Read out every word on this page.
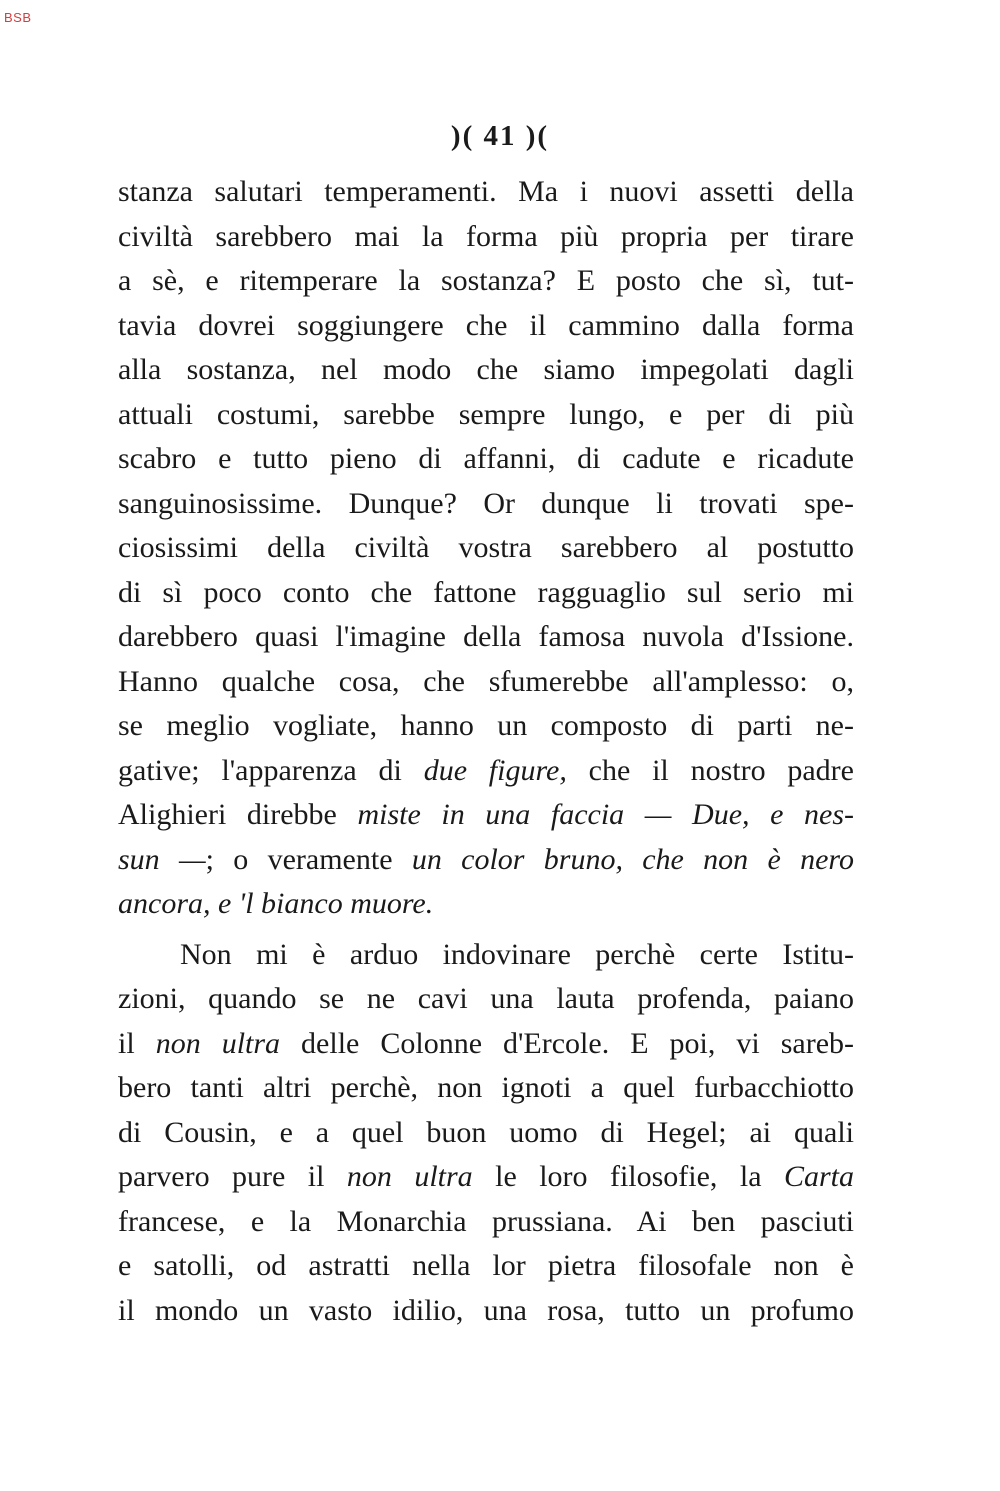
BSB
)( 41 )(
stanza salutari temperamenti. Ma i nuovi assetti della
civiltà sarebbero mai la forma più propria per tirare
a sè, e ritemperare la sostanza? E posto che sì, tut-
tavia dovrei soggiungere che il cammino dalla forma
alla sostanza, nel modo che siamo impegolati dagli
attuali costumi, sarebbe sempre lungo, e per di più
scabro e tutto pieno di affanni, di cadute e ricadute
sanguinosissime. Dunque? Or dunque li trovati spe-
ciosissimi della civiltà vostra sarebbero al postutto
di sì poco conto che fattone ragguaglio sul serio mi
darebbero quasi l'imagine della famosa nuvola d'Issione.
Hanno qualche cosa, che sfumerebbe all'amplesso: o,
se meglio vogliate, hanno un composto di parti ne-
gative; l'apparenza di due figure, che il nostro padre
Alighieri direbbe miste in una faccia — Due, e nes-
sun —; o veramente un color bruno, che non è nero
ancora, e 'l bianco muore.
Non mi è arduo indovinare perchè certe Istitu-
zioni, quando se ne cavi una lauta profenda, paiano
il non ultra delle Colonne d'Ercole. E poi, vi sareb-
bero tanti altri perchè, non ignoti a quel furbacchiotto
di Cousin, e a quel buon uomo di Hegel; ai quali
parvero pure il non ultra le loro filosofie, la Carta
francese, e la Monarchia prussiana. Ai ben pasciuti
e satolli, od astratti nella lor pietra filosofale non è
il mondo un vasto idilio, una rosa, tutto un profumo
